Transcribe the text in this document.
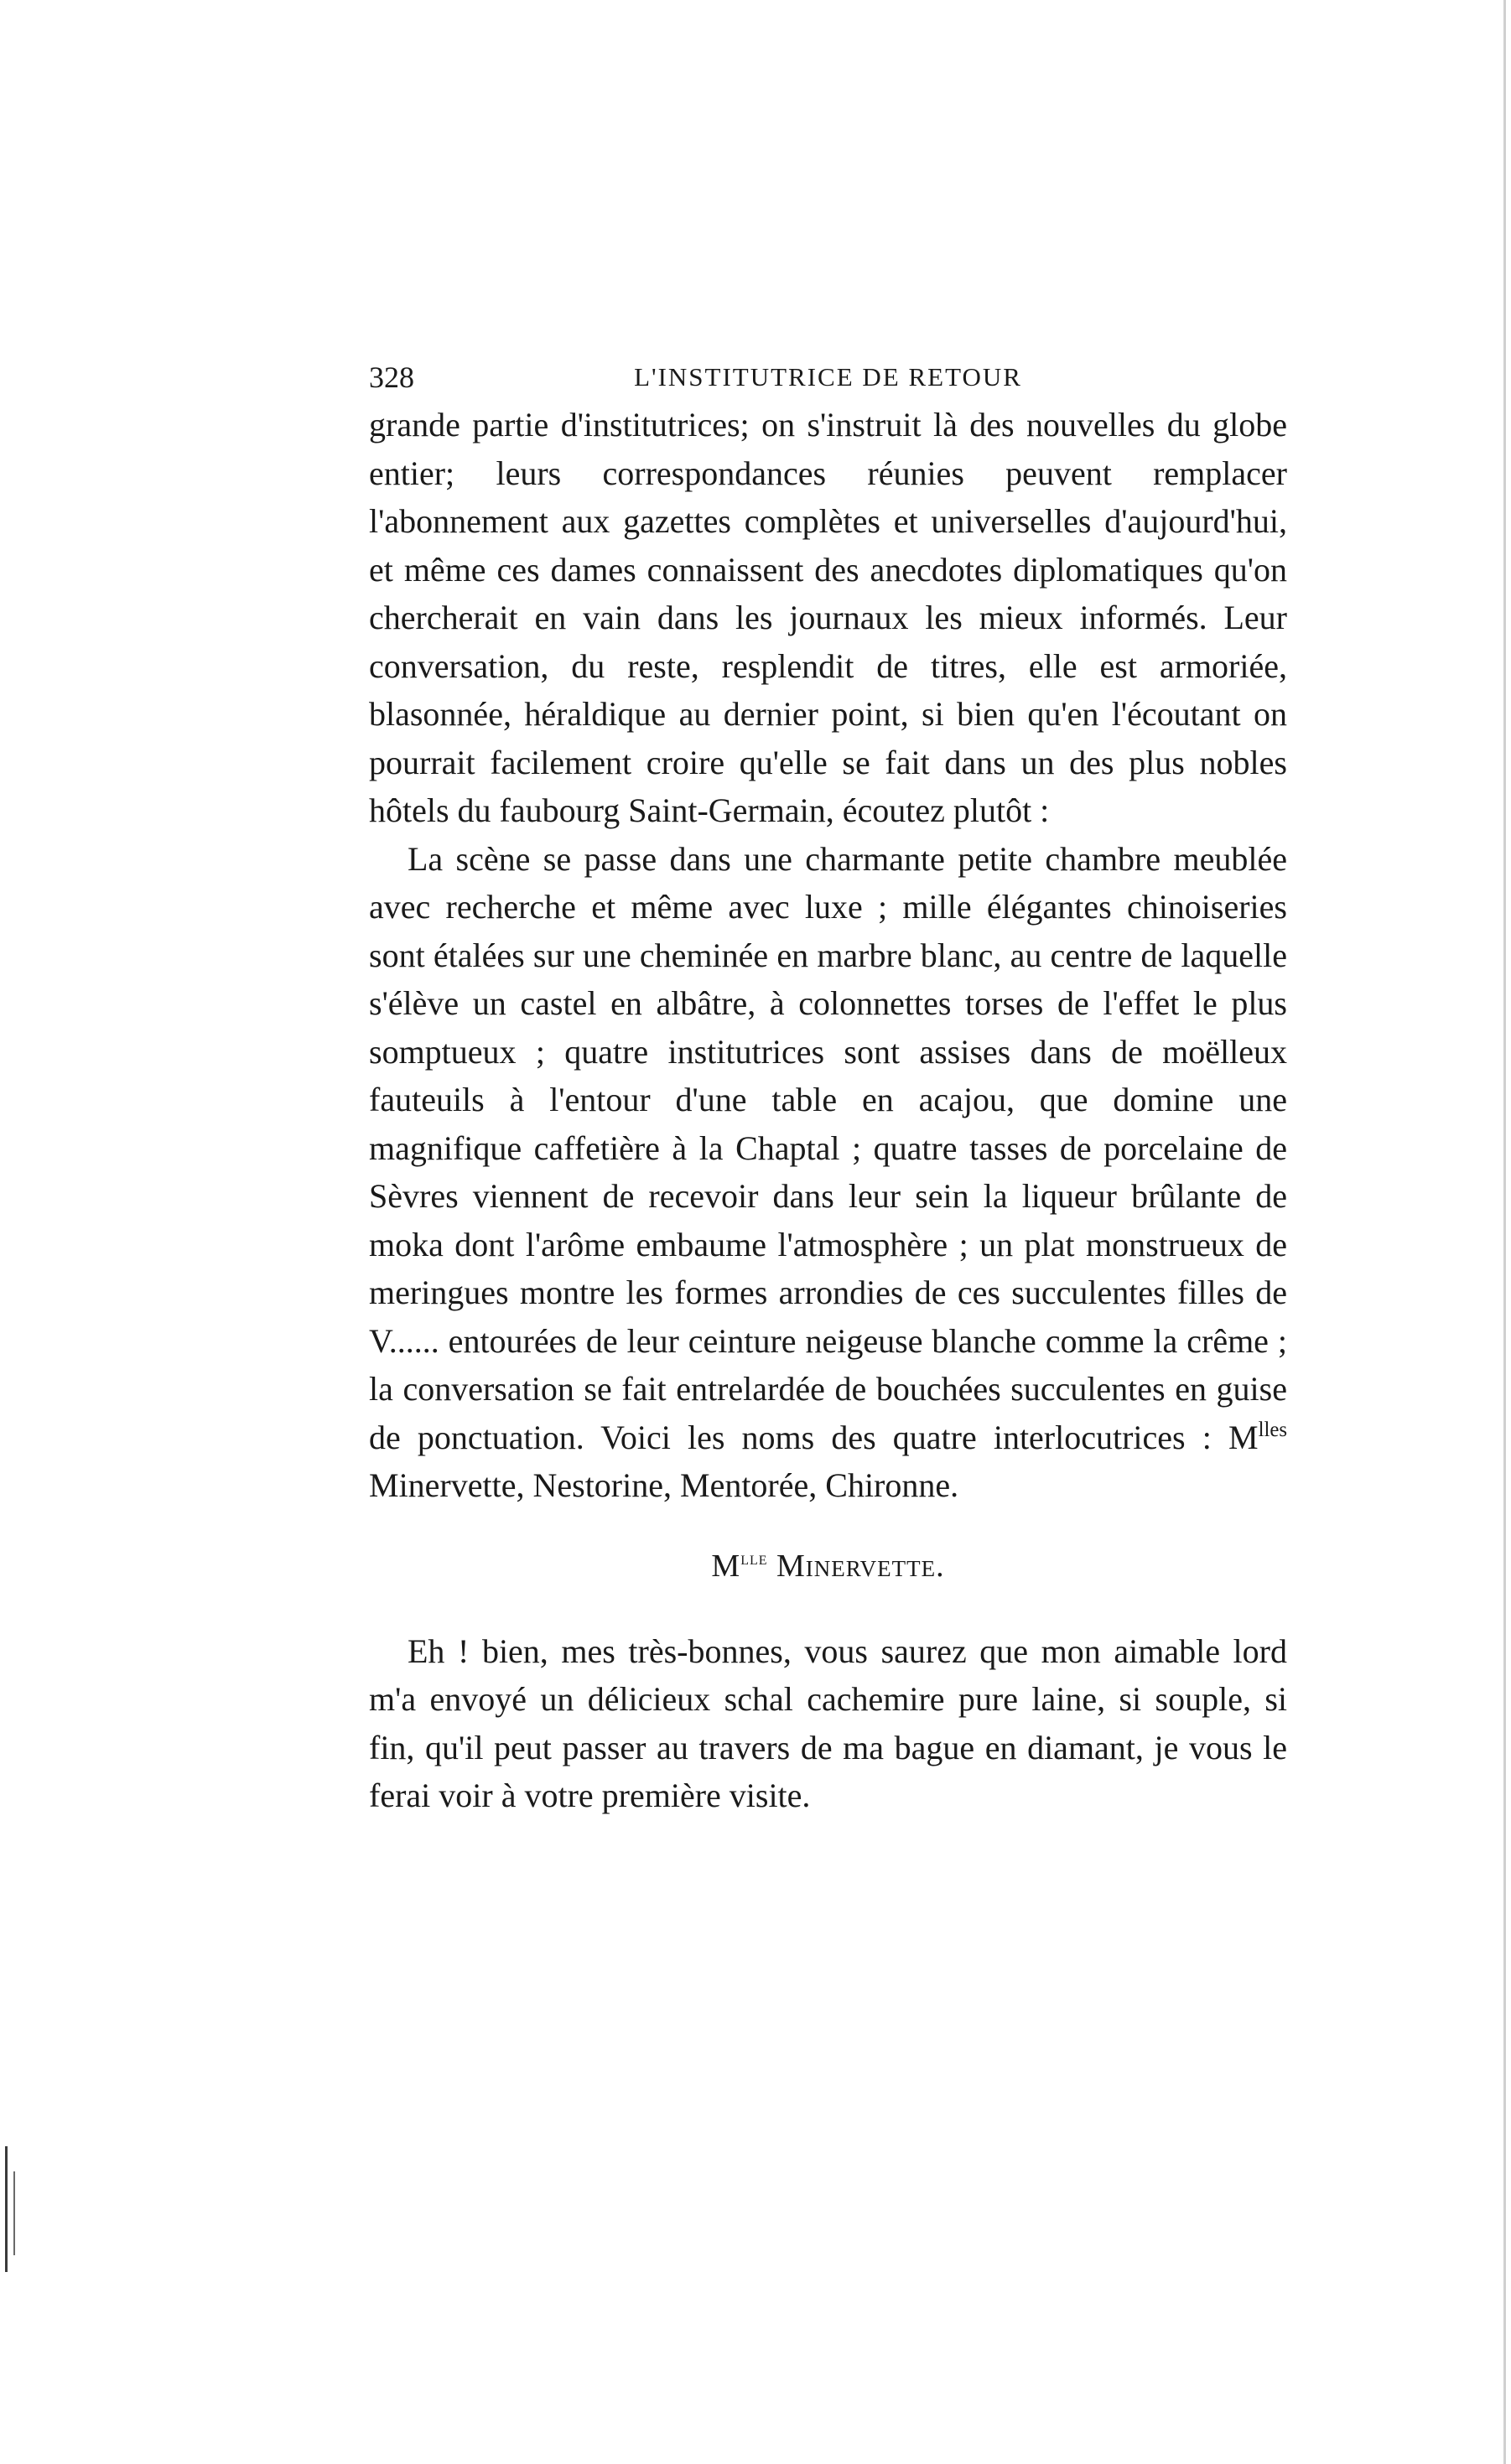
328	L'INSTITUTRICE DE RETOUR

grande partie d'institutrices; on s'instruit là des nouvelles du globe entier; leurs correspondances réunies peuvent remplacer l'abonnement aux gazettes complètes et universelles d'aujourd'hui, et même ces dames connaissent des anecdotes diplomatiques qu'on chercherait en vain dans les journaux les mieux informés. Leur conversation, du reste, resplendit de titres, elle est armoriée, blasonnée, héraldique au dernier point, si bien qu'en l'écoutant on pourrait facilement croire qu'elle se fait dans un des plus nobles hôtels du faubourg Saint-Germain, écoutez plutôt :

La scène se passe dans une charmante petite chambre meublée avec recherche et même avec luxe ; mille élégantes chinoiseries sont étalées sur une cheminée en marbre blanc, au centre de laquelle s'élève un castel en albâtre, à colonnettes torses de l'effet le plus somptueux ; quatre institutrices sont assises dans de moëlleux fauteuils à l'entour d'une table en acajou, que domine une magnifique caffetière à la Chaptal ; quatre tasses de porcelaine de Sèvres viennent de recevoir dans leur sein la liqueur brûlante de moka dont l'arôme embaume l'atmosphère ; un plat monstrueux de meringues montre les formes arrondies de ces succulentes filles de V...... entourées de leur ceinture neigeuse blanche comme la crême ; la conversation se fait entrelardée de bouchées succulentes en guise de ponctuation. Voici les noms des quatre interlocutrices : $M^{lles}$ Minervette, Nestorine, Mentorée, Chironne.

$M^{lle}$ Minervette.

Eh ! bien, mes très-bonnes, vous saurez que mon aimable lord m'a envoyé un délicieux schal cachemire pure laine, si souple, si fin, qu'il peut passer au travers de ma bague en diamant, je vous le ferai voir à votre première visite.
